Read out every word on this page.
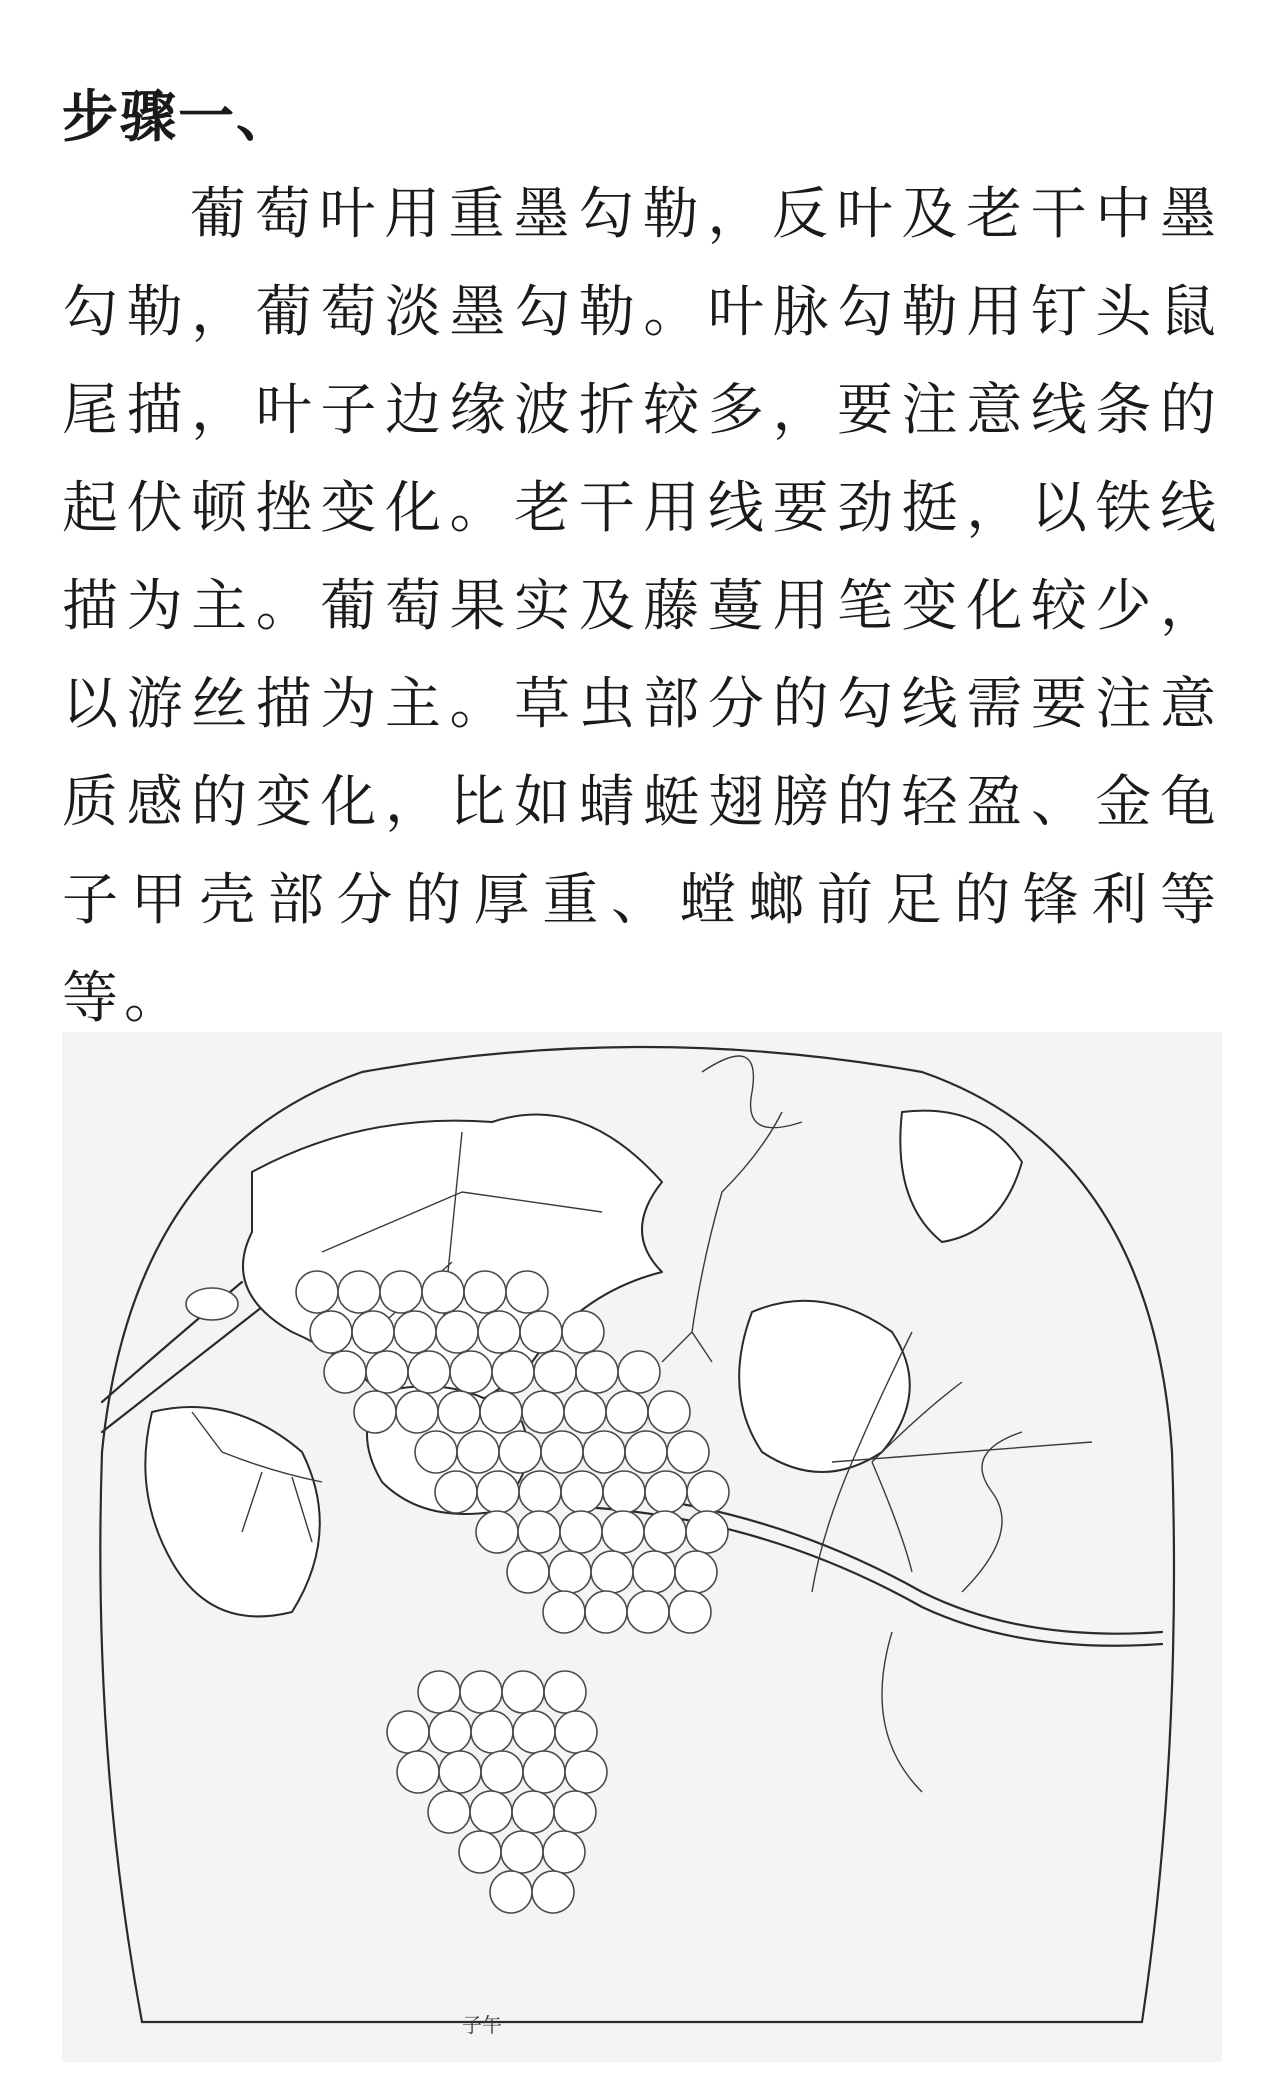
步骤一、

葡萄叶用重墨勾勒，反叶及老干中墨勾勒，葡萄淡墨勾勒。叶脉勾勒用钉头鼠尾描，叶子边缘波折较多，要注意线条的起伏顿挫变化。老干用线要劲挺，以铁线描为主。葡萄果实及藤蔓用笔变化较少，以游丝描为主。草虫部分的勾线需要注意质感的变化，比如蜻蜓翅膀的轻盈、金龟子甲壳部分的厚重、螳螂前足的锋利等等。

子午
